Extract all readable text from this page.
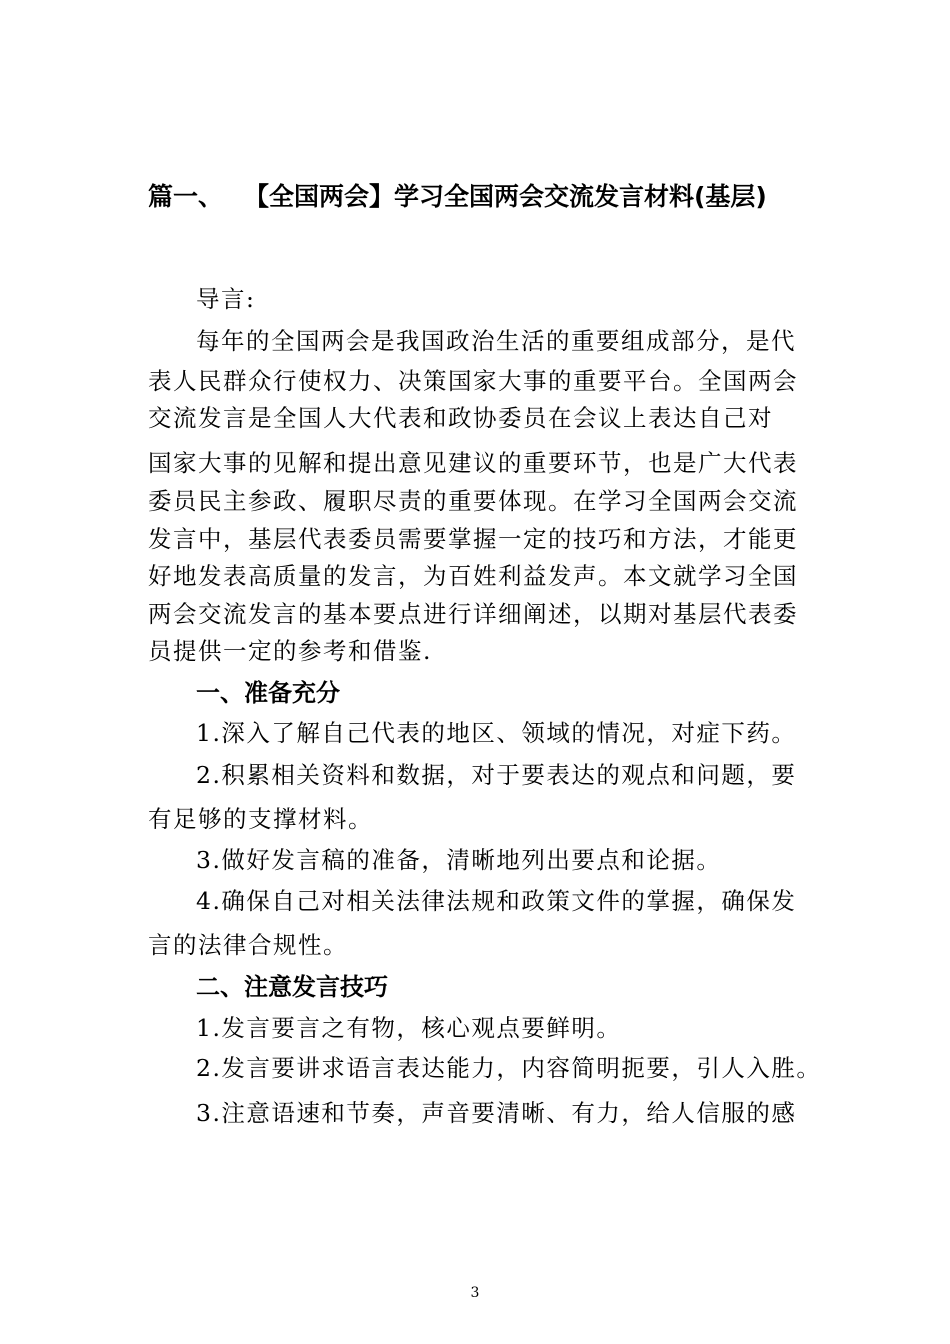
篇一、 【全国两会】学习全国两会交流发言材料(基层)
导言:
每年的全国两会是我国政治生活的重要组成部分，是代
表人民群众行使权力、决策国家大事的重要平台。全国两会
交流发言是全国人大代表和政协委员在会议上表达自己对
国家大事的见解和提出意见建议的重要环节，也是广大代表
委员民主参政、履职尽责的重要体现。在学习全国两会交流
发言中，基层代表委员需要掌握一定的技巧和方法，才能更
好地发表高质量的发言，为百姓利益发声。本文就学习全国
两会交流发言的基本要点进行详细阐述，以期对基层代表委
员提供一定的参考和借鉴.
一、准备充分
1.深入了解自己代表的地区、领域的情况，对症下药。
2.积累相关资料和数据，对于要表达的观点和问题，要
有足够的支撑材料。
3.做好发言稿的准备，清晰地列出要点和论据。
4.确保自己对相关法律法规和政策文件的掌握，确保发
言的法律合规性。
二、注意发言技巧
1.发言要言之有物，核心观点要鲜明。
2.发言要讲求语言表达能力，内容简明扼要，引人入胜。
3.注意语速和节奏，声音要清晰、有力，给人信服的感
3
